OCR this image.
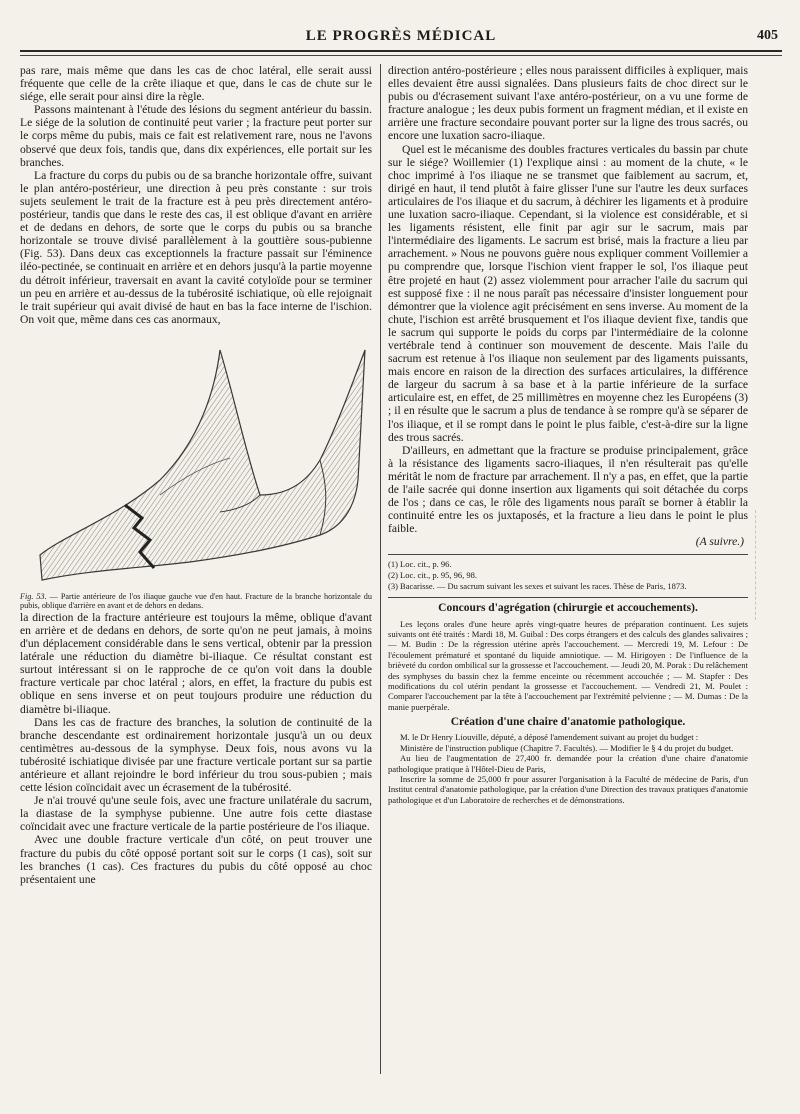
LE PROGRÈS MÉDICAL	405

pas rare, mais même que dans les cas de choc latéral, elle serait aussi fréquente que celle de la crête iliaque et que, dans le cas de chute sur le siége, elle serait pour ainsi dire la règle.

Passons maintenant à l'étude des lésions du segment antérieur du bassin. Le siége de la solution de continuité peut varier ; la fracture peut porter sur le corps même du pubis, mais ce fait est relativement rare, nous ne l'avons observé que deux fois, tandis que, dans dix expériences, elle portait sur les branches.

La fracture du corps du pubis ou de sa branche horizontale offre, suivant le plan antéro-postérieur, une direction à peu près constante : sur trois sujets seulement le trait de la fracture est à peu près directement antéro-postérieur, tandis que dans le reste des cas, il est oblique d'avant en arrière et de dedans en dehors, de sorte que le corps du pubis ou sa branche horizontale se trouve divisé parallèlement à la gouttière sous-pubienne (Fig. 53). Dans deux cas exceptionnels la fracture passait sur l'éminence iléo-pectinée, se continuait en arrière et en dehors jusqu'à la partie moyenne du détroit inférieur, traversait en avant la cavité cotyloïde pour se terminer un peu en arrière et au-dessus de la tubérosité ischiatique, où elle rejoignait le trait supérieur qui avait divisé de haut en bas la face interne de l'ischion. On voit que, même dans ces cas anormaux,

Fig. 53. — Partie antérieure de l'os iliaque gauche vue d'en haut. Fracture de la branche horizontale du pubis, oblique d'arrière en avant et de dehors en dedans.

la direction de la fracture antérieure est toujours la même, oblique d'avant en arrière et de dedans en dehors, de sorte qu'on ne peut jamais, à moins d'un déplacement considérable dans le sens vertical, obtenir par la pression latérale une réduction du diamètre bi-iliaque. Ce résultat constant est surtout intéressant si on le rapproche de ce qu'on voit dans la double fracture verticale par choc latéral ; alors, en effet, la fracture du pubis est oblique en sens inverse et on peut toujours produire une réduction du diamètre bi-iliaque.

Dans les cas de fracture des branches, la solution de continuité de la branche descendante est ordinairement horizontale jusqu'à un ou deux centimètres au-dessous de la symphyse. Deux fois, nous avons vu la tubérosité ischiatique divisée par une fracture verticale portant sur sa partie antérieure et allant rejoindre le bord inférieur du trou sous-pubien ; mais cette lésion coïncidait avec un écrasement de la tubérosité.

Je n'ai trouvé qu'une seule fois, avec une fracture unilatérale du sacrum, la diastase de la symphyse pubienne. Une autre fois cette diastase coïncidait avec une fracture verticale de la partie postérieure de l'os iliaque.

Avec une double fracture verticale d'un côté, on peut trouver une fracture du pubis du côté opposé portant soit sur le corps (1 cas), soit sur les branches (1 cas). Ces fractures du pubis du côté opposé au choc présentaient une

direction antéro-postérieure ; elles nous paraissent difficiles à expliquer, mais elles devaient être aussi signalées. Dans plusieurs faits de choc direct sur le pubis ou d'écrasement suivant l'axe antéro-postérieur, on a vu une forme de fracture analogue ; les deux pubis forment un fragment médian, et il existe en arrière une fracture secondaire pouvant porter sur la ligne des trous sacrés, ou encore une luxation sacro-iliaque.

Quel est le mécanisme des doubles fractures verticales du bassin par chute sur le siége? Woillemier (1) l'explique ainsi : au moment de la chute, « le choc imprimé à l'os iliaque ne se transmet que faiblement au sacrum, et, dirigé en haut, il tend plutôt à faire glisser l'une sur l'autre les deux surfaces articulaires de l'os iliaque et du sacrum, à déchirer les ligaments et à produire une luxation sacro-iliaque. Cependant, si la violence est considérable, et si les ligaments résistent, elle finit par agir sur le sacrum, mais par l'intermédiaire des ligaments. Le sacrum est brisé, mais la fracture a lieu par arrachement. » Nous ne pouvons guère nous expliquer comment Voillemier a pu comprendre que, lorsque l'ischion vient frapper le sol, l'os iliaque peut être projeté en haut (2) assez violemment pour arracher l'aile du sacrum qui est supposé fixe : il ne nous paraît pas nécessaire d'insister longuement pour démontrer que la violence agit précisément en sens inverse. Au moment de la chute, l'ischion est arrêté brusquement et l'os iliaque devient fixe, tandis que le sacrum qui supporte le poids du corps par l'intermédiaire de la colonne vertébrale tend à continuer son mouvement de descente. Mais l'aile du sacrum est retenue à l'os iliaque non seulement par des ligaments puissants, mais encore en raison de la direction des surfaces articulaires, la différence de largeur du sacrum à sa base et à la partie inférieure de la surface articulaire est, en effet, de 25 millimètres en moyenne chez les Européens (3) ; il en résulte que le sacrum a plus de tendance à se rompre qu'à se séparer de l'os iliaque, et il se rompt dans le point le plus faible, c'est-à-dire sur la ligne des trous sacrés.

D'ailleurs, en admettant que la fracture se produise principalement, grâce à la résistance des ligaments sacro-iliaques, il n'en résulterait pas qu'elle méritât le nom de fracture par arrachement. Il n'y a pas, en effet, que la partie de l'aile sacrée qui donne insertion aux ligaments qui soit détachée du corps de l'os ; dans ce cas, le rôle des ligaments nous paraît se borner à établir la continuité entre les os juxtaposés, et la fracture a lieu dans le point le plus faible.

(A suivre.)
(1) Loc. cit., p. 96.
(2) Loc. cit., p. 95, 96, 98.
(3) Bacarisse. — Du sacrum suivant les sexes et suivant les races. Thèse de Paris, 1873.
Concours d'agrégation (chirurgie et accouchements).

Les leçons orales d'une heure après vingt-quatre heures de préparation continuent. Les sujets suivants ont été traités : Mardi 18, M. Guibal : Des corps étrangers et des calculs des glandes salivaires ; — M. Budin : De la régression utérine après l'accouchement. — Mercredi 19, M. Lefour : De l'écoulement prématuré et spontané du liquide amniotique. — M. Hirigoyen : De l'influence de la brièveté du cordon ombilical sur la grossesse et l'accouchement. — Jeudi 20, M. Porak : Du relâchement des symphyses du bassin chez la femme enceinte ou récemment accouchée ; — M. Stapfer : Des modifications du col utérin pendant la grossesse et l'accouchement. — Vendredi 21, M. Poulet : Comparer l'accouchement par la tête à l'accouchement par l'extrémité pelvienne ; — M. Dumas : De la manie puerpérale.

Création d'une chaire d'anatomie pathologique.

M. le Dr Henry Liouville, député, a déposé l'amendement suivant au projet du budget :

Ministère de l'instruction publique (Chapitre 7. Facultés). — Modifier le § 4 du projet du budget.

Au lieu de l'augmentation de 27,400 fr. demandée pour la création d'une chaire d'anatomie pathologique pratique à l'Hôtel-Dieu de Paris,

Inscrire la somme de 25,000 fr pour assurer l'organisation à la Faculté de médecine de Paris, d'un Institut central d'anatomie pathologique, par la création d'une Direction des travaux pratiques d'anatomie pathologique et d'un Laboratoire de recherches et de démonstrations.
